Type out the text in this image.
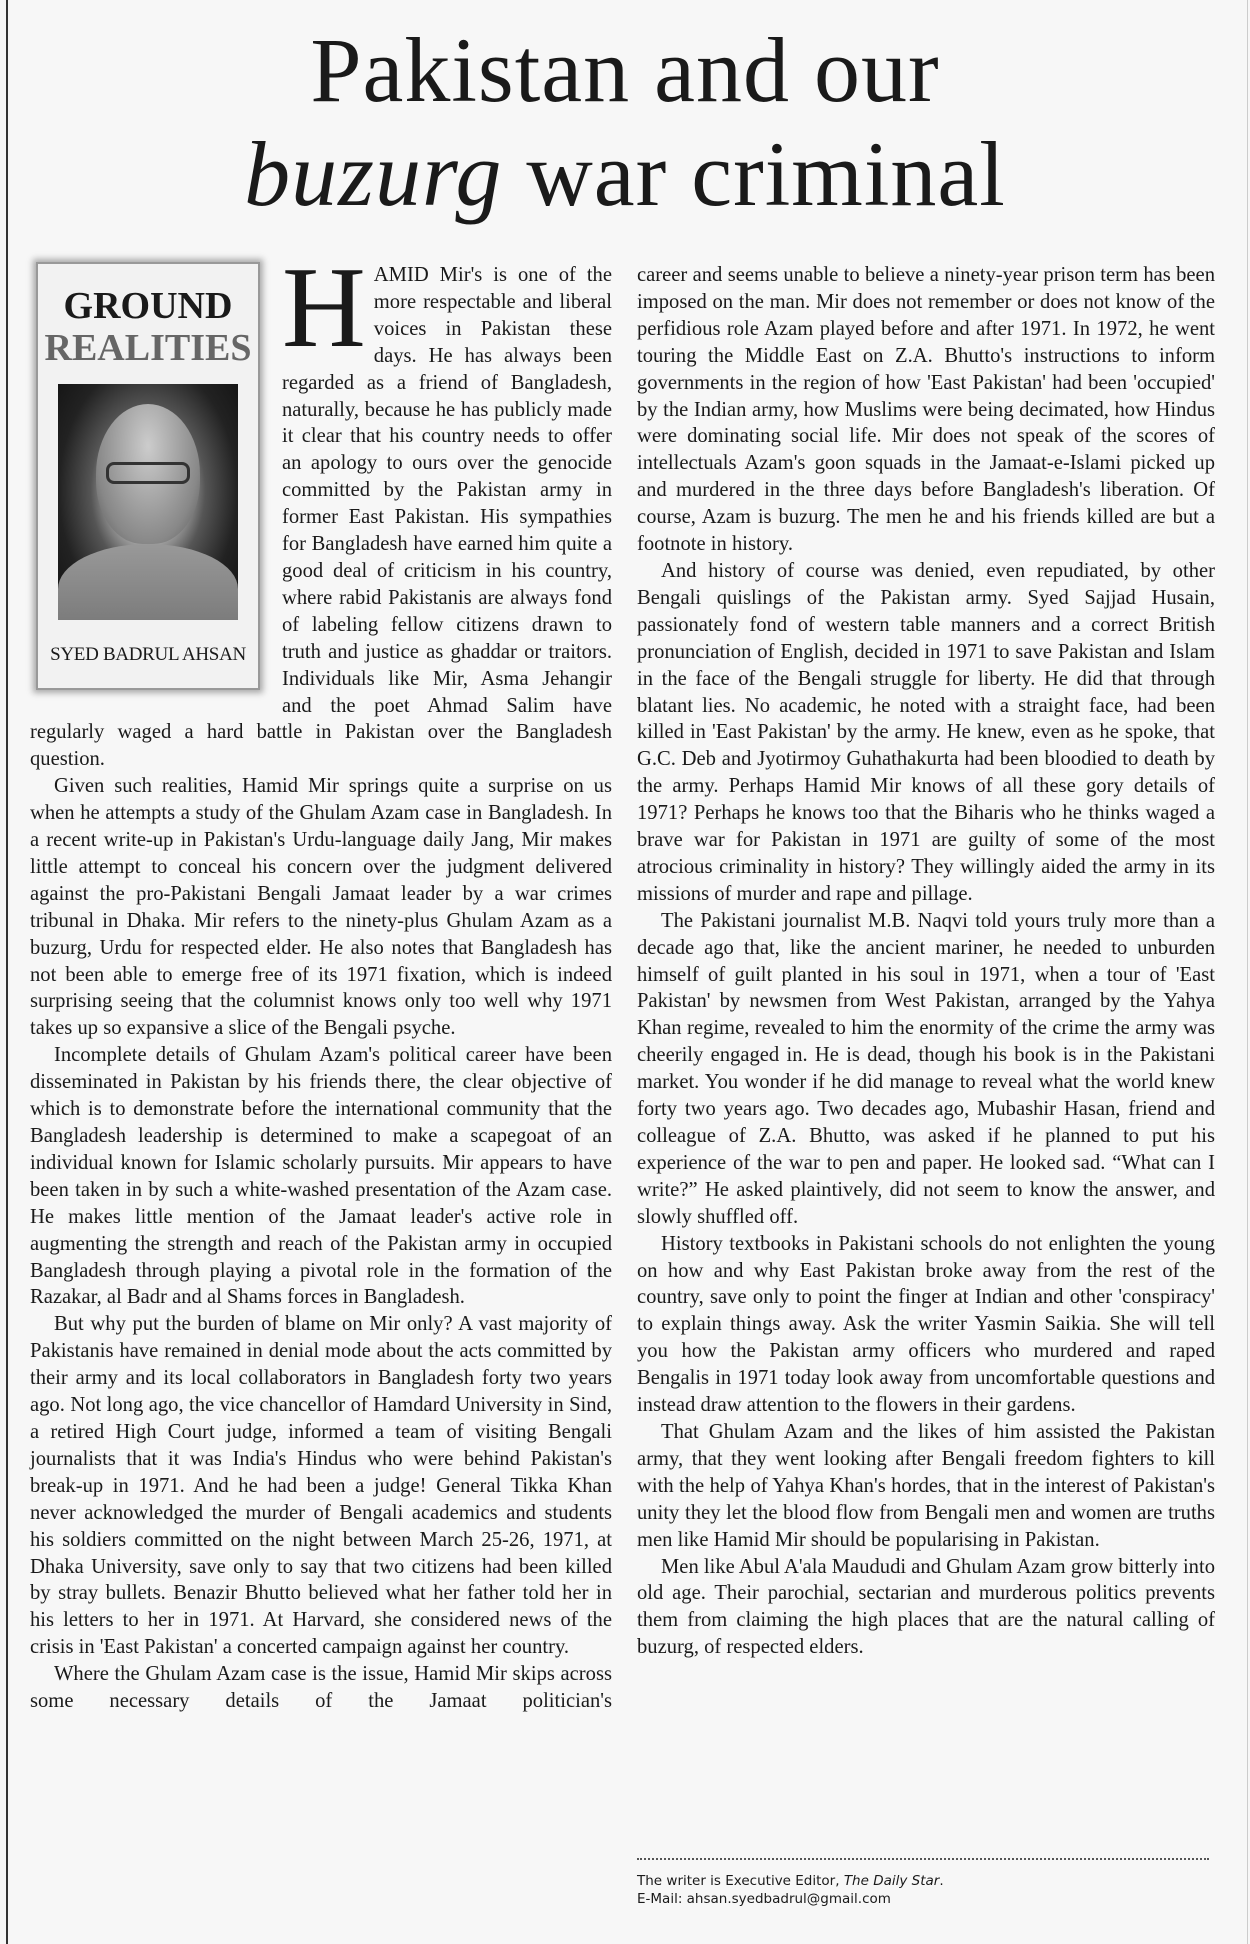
Pakistan and our
buzurg war criminal
GROUND
REALITIES
SYED BADRUL AHSAN

HAMID Mir's is one of the more respectable and liberal voices in Pakistan these days. He has always been regarded as a friend of Bangladesh, naturally, because he has publicly made it clear that his country needs to offer an apology to ours over the genocide committed by the Pakistan army in former East Pakistan. His sympathies for Bangladesh have earned him quite a good deal of criticism in his country, where rabid Pakistanis are always fond of labeling fellow citizens drawn to truth and justice as ghaddar or traitors. Individuals like Mir, Asma Jehangir and the poet Ahmad Salim have regularly waged a hard battle in Pakistan over the Bangladesh question.

Given such realities, Hamid Mir springs quite a surprise on us when he attempts a study of the Ghulam Azam case in Bangladesh. In a recent write-up in Pakistan's Urdu-language daily Jang, Mir makes little attempt to conceal his concern over the judgment delivered against the pro-Pakistani Bengali Jamaat leader by a war crimes tribunal in Dhaka. Mir refers to the ninety-plus Ghulam Azam as a buzurg, Urdu for respected elder. He also notes that Bangladesh has not been able to emerge free of its 1971 fixation, which is indeed surprising seeing that the columnist knows only too well why 1971 takes up so expansive a slice of the Bengali psyche.

Incomplete details of Ghulam Azam's political career have been disseminated in Pakistan by his friends there, the clear objective of which is to demonstrate before the international community that the Bangladesh leadership is determined to make a scapegoat of an individual known for Islamic scholarly pursuits. Mir appears to have been taken in by such a white-washed presentation of the Azam case. He makes little mention of the Jamaat leader's active role in augmenting the strength and reach of the Pakistan army in occupied Bangladesh through playing a pivotal role in the formation of the Razakar, al Badr and al Shams forces in Bangladesh.

But why put the burden of blame on Mir only? A vast majority of Pakistanis have remained in denial mode about the acts committed by their army and its local collaborators in Bangladesh forty two years ago. Not long ago, the vice chancellor of Hamdard University in Sind, a retired High Court judge, informed a team of visiting Bengali journalists that it was India's Hindus who were behind Pakistan's break-up in 1971. And he had been a judge! General Tikka Khan never acknowledged the murder of Bengali academics and students his soldiers committed on the night between March 25-26, 1971, at Dhaka University, save only to say that two citizens had been killed by stray bullets. Benazir Bhutto believed what her father told her in his letters to her in 1971. At Harvard, she considered news of the crisis in 'East Pakistan' a concerted campaign against her country.

Where the Ghulam Azam case is the issue, Hamid Mir skips across some necessary details of the Jamaat politician's

career and seems unable to believe a ninety-year prison term has been imposed on the man. Mir does not remember or does not know of the perfidious role Azam played before and after 1971. In 1972, he went touring the Middle East on Z.A. Bhutto's instructions to inform governments in the region of how 'East Pakistan' had been 'occupied' by the Indian army, how Muslims were being decimated, how Hindus were dominating social life. Mir does not speak of the scores of intellectuals Azam's goon squads in the Jamaat-e-Islami picked up and murdered in the three days before Bangladesh's liberation. Of course, Azam is buzurg. The men he and his friends killed are but a footnote in history.

And history of course was denied, even repudiated, by other Bengali quislings of the Pakistan army. Syed Sajjad Husain, passionately fond of western table manners and a correct British pronunciation of English, decided in 1971 to save Pakistan and Islam in the face of the Bengali struggle for liberty. He did that through blatant lies. No academic, he noted with a straight face, had been killed in 'East Pakistan' by the army. He knew, even as he spoke, that G.C. Deb and Jyotirmoy Guhathakurta had been bloodied to death by the army. Perhaps Hamid Mir knows of all these gory details of 1971? Perhaps he knows too that the Biharis who he thinks waged a brave war for Pakistan in 1971 are guilty of some of the most atrocious criminality in history? They willingly aided the army in its missions of murder and rape and pillage.

The Pakistani journalist M.B. Naqvi told yours truly more than a decade ago that, like the ancient mariner, he needed to unburden himself of guilt planted in his soul in 1971, when a tour of 'East Pakistan' by newsmen from West Pakistan, arranged by the Yahya Khan regime, revealed to him the enormity of the crime the army was cheerily engaged in. He is dead, though his book is in the Pakistani market. You wonder if he did manage to reveal what the world knew forty two years ago. Two decades ago, Mubashir Hasan, friend and colleague of Z.A. Bhutto, was asked if he planned to put his experience of the war to pen and paper. He looked sad. “What can I write?” He asked plaintively, did not seem to know the answer, and slowly shuffled off.

History textbooks in Pakistani schools do not enlighten the young on how and why East Pakistan broke away from the rest of the country, save only to point the finger at Indian and other 'conspiracy' to explain things away. Ask the writer Yasmin Saikia. She will tell you how the Pakistan army officers who murdered and raped Bengalis in 1971 today look away from uncomfortable questions and instead draw attention to the flowers in their gardens.

That Ghulam Azam and the likes of him assisted the Pakistan army, that they went looking after Bengali freedom fighters to kill with the help of Yahya Khan's hordes, that in the interest of Pakistan's unity they let the blood flow from Bengali men and women are truths men like Hamid Mir should be popularising in Pakistan.

Men like Abul A'ala Maududi and Ghulam Azam grow bitterly into old age. Their parochial, sectarian and murderous politics prevents them from claiming the high places that are the natural calling of buzurg, of respected elders.

The writer is Executive Editor, The Daily Star.
E-Mail: ahsan.syedbadrul@gmail.com
